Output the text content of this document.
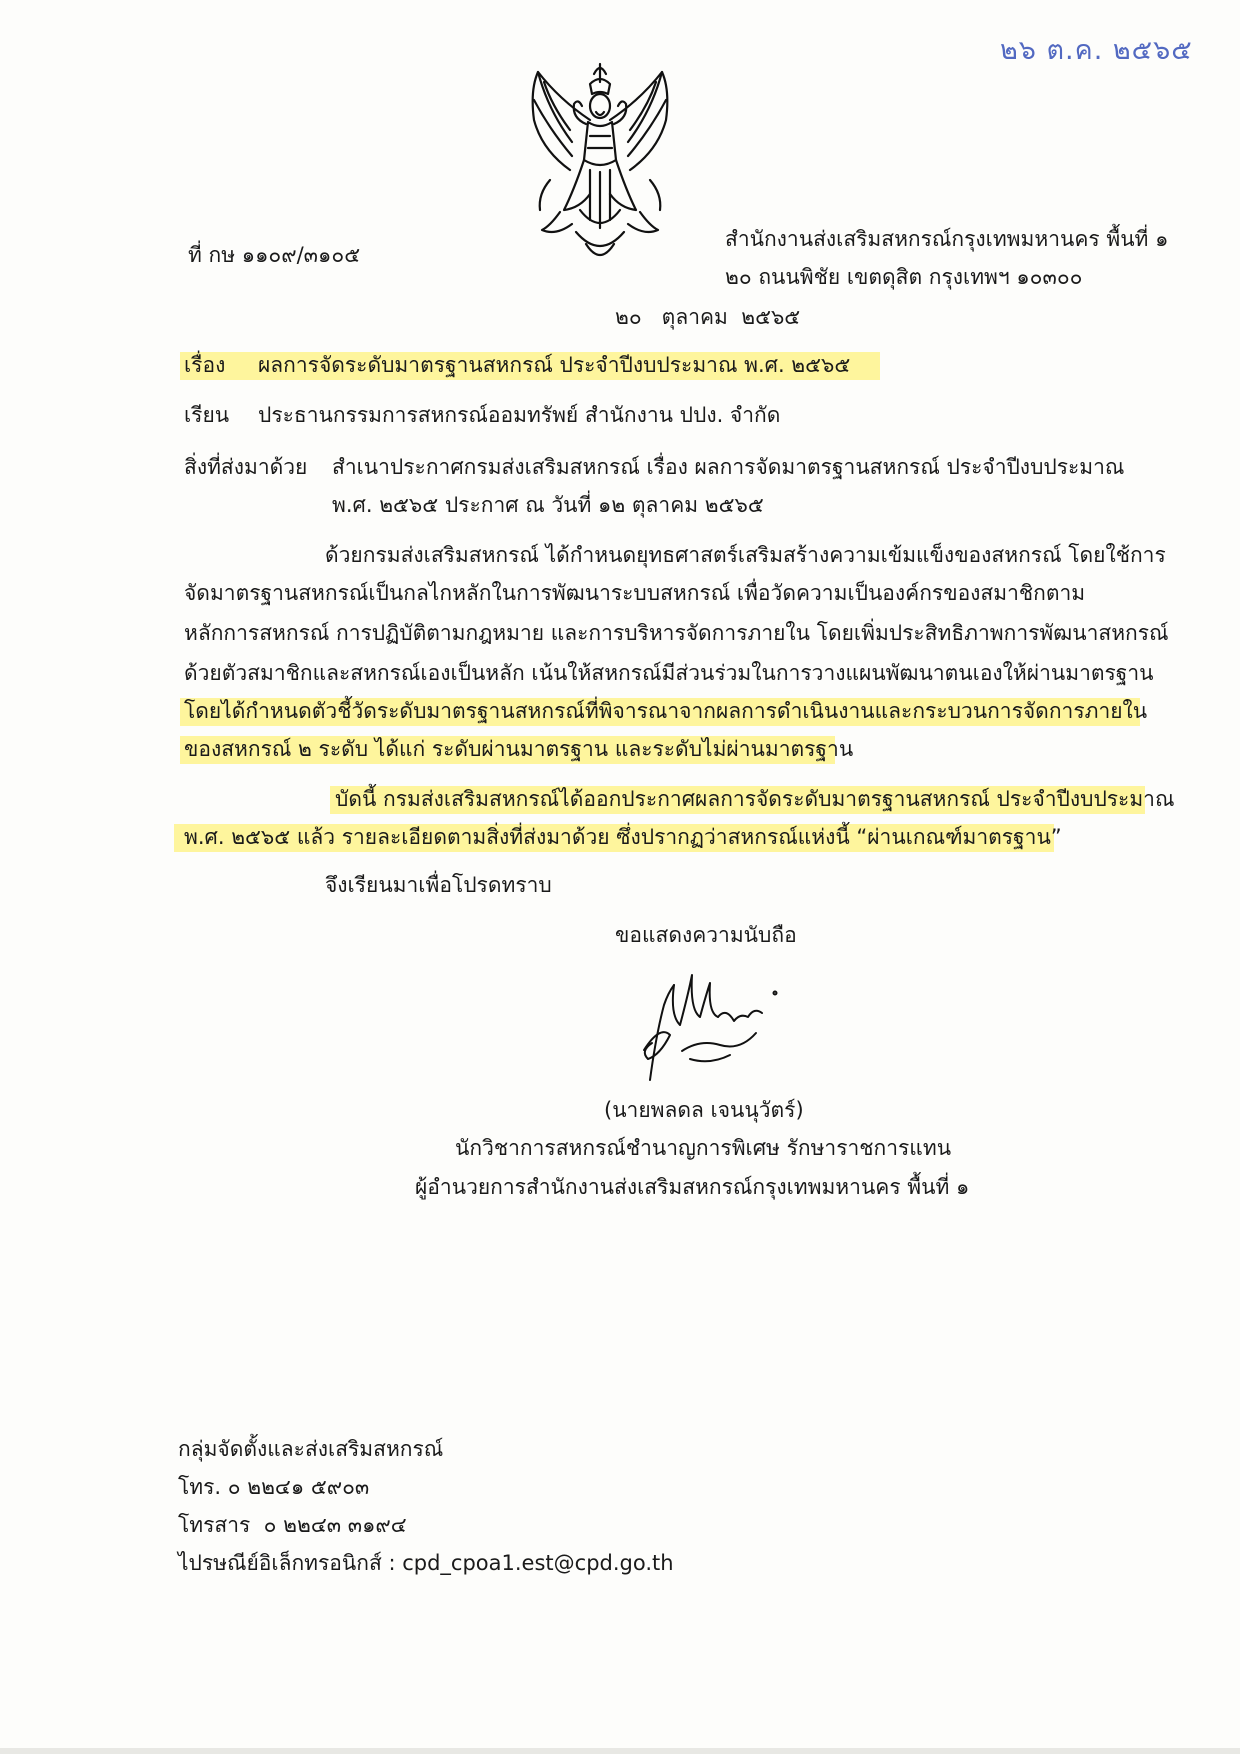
๒๖ ต.ค. ๒๕๖๕
ที่ กษ ๑๑๐๙/๓๑๐๕
สำนักงานส่งเสริมสหกรณ์กรุงเทพมหานคร พื้นที่ ๑
๒๐ ถนนพิชัย เขตดุสิต กรุงเทพฯ ๑๐๓๐๐
๒๐   ตุลาคม  ๒๕๖๕
เรื่อง ผลการจัดระดับมาตรฐานสหกรณ์ ประจำปีงบประมาณ พ.ศ. ๒๕๖๕
เรียน ประธานกรรมการสหกรณ์ออมทรัพย์ สำนักงาน ปปง. จำกัด
สิ่งที่ส่งมาด้วย สำเนาประกาศกรมส่งเสริมสหกรณ์ เรื่อง ผลการจัดมาตรฐานสหกรณ์ ประจำปีงบประมาณ
พ.ศ. ๒๕๖๕ ประกาศ ณ วันที่ ๑๒ ตุลาคม ๒๕๖๕
ด้วยกรมส่งเสริมสหกรณ์ ได้กำหนดยุทธศาสตร์เสริมสร้างความเข้มแข็งของสหกรณ์ โดยใช้การ
จัดมาตรฐานสหกรณ์เป็นกลไกหลักในการพัฒนาระบบสหกรณ์ เพื่อวัดความเป็นองค์กรของสมาชิกตาม
หลักการสหกรณ์ การปฏิบัติตามกฎหมาย และการบริหารจัดการภายใน โดยเพิ่มประสิทธิภาพการพัฒนาสหกรณ์
ด้วยตัวสมาชิกและสหกรณ์เองเป็นหลัก เน้นให้สหกรณ์มีส่วนร่วมในการวางแผนพัฒนาตนเองให้ผ่านมาตรฐาน
โดยได้กำหนดตัวชี้วัดระดับมาตรฐานสหกรณ์ที่พิจารณาจากผลการดำเนินงานและกระบวนการจัดการภายใน
ของสหกรณ์ ๒ ระดับ ได้แก่ ระดับผ่านมาตรฐาน และระดับไม่ผ่านมาตรฐาน
บัดนี้ กรมส่งเสริมสหกรณ์ได้ออกประกาศผลการจัดระดับมาตรฐานสหกรณ์ ประจำปีงบประมาณ
พ.ศ. ๒๕๖๕ แล้ว รายละเอียดตามสิ่งที่ส่งมาด้วย ซึ่งปรากฏว่าสหกรณ์แห่งนี้ “ผ่านเกณฑ์มาตรฐาน”
จึงเรียนมาเพื่อโปรดทราบ
ขอแสดงความนับถือ
(นายพลดล เจนนุวัตร์)
นักวิชาการสหกรณ์ชำนาญการพิเศษ รักษาราชการแทน
ผู้อำนวยการสำนักงานส่งเสริมสหกรณ์กรุงเทพมหานคร พื้นที่ ๑
กลุ่มจัดตั้งและส่งเสริมสหกรณ์
โทร. ๐ ๒๒๔๑ ๕๙๐๓
โทรสาร  ๐ ๒๒๔๓ ๓๑๙๔
ไปรษณีย์อิเล็กทรอนิกส์ : cpd_cpoa1.est@cpd.go.th
